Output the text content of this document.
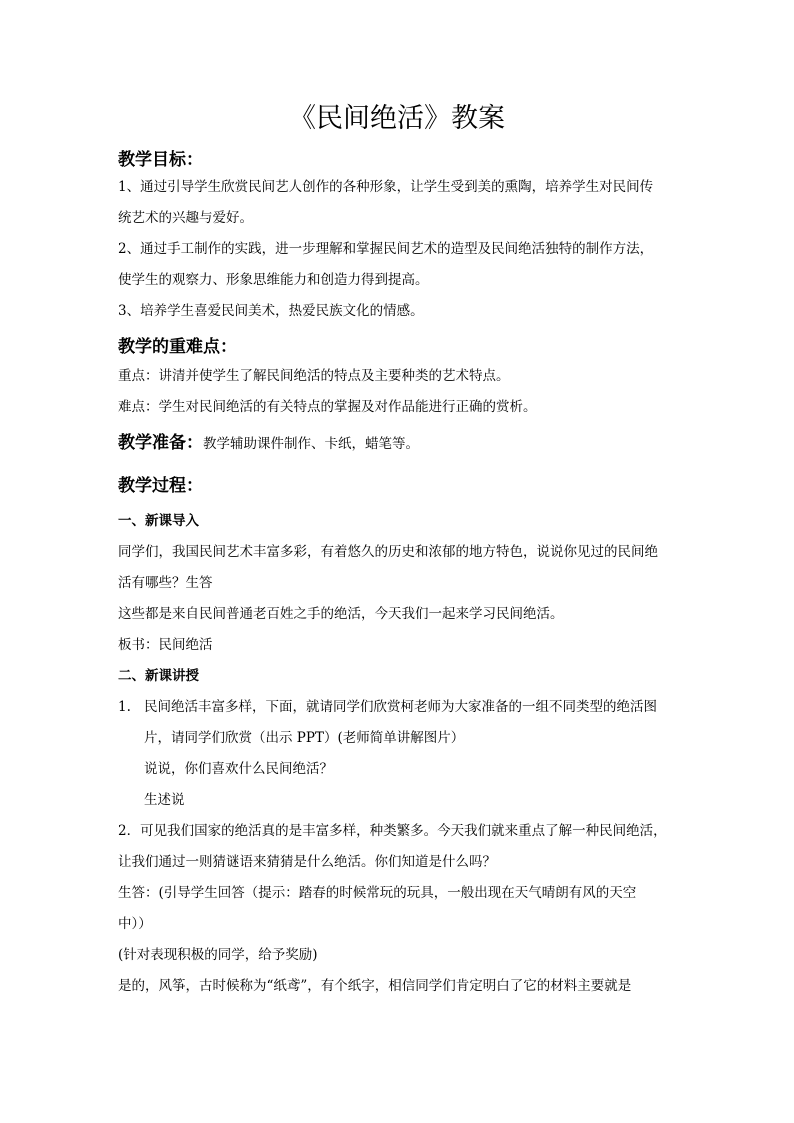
《民间绝活》教案

教学目标：

1、通过引导学生欣赏民间艺人创作的各种形象，让学生受到美的熏陶，培养学生对民间传

统艺术的兴趣与爱好。

2、通过手工制作的实践，进一步理解和掌握民间艺术的造型及民间绝活独特的制作方法，

使学生的观察力、形象思维能力和创造力得到提高。

3、培养学生喜爱民间美术，热爱民族文化的情感。

教学的重难点：

重点：讲清并使学生了解民间绝活的特点及主要种类的艺术特点。

难点：学生对民间绝活的有关特点的掌握及对作品能进行正确的赏析。

教学准备：教学辅助课件制作、卡纸，蜡笔等。

教学过程：

一、新课导入

同学们，我国民间艺术丰富多彩，有着悠久的历史和浓郁的地方特色，说说你见过的民间绝

活有哪些？生答

这些都是来自民间普通老百姓之手的绝活，今天我们一起来学习民间绝活。

板书：民间绝活

二、新课讲授

1. 民间绝活丰富多样，下面，就请同学们欣赏柯老师为大家准备的一组不同类型的绝活图

片，请同学们欣赏（出示 PPT）(老师简单讲解图片）

说说，你们喜欢什么民间绝活？

生述说

2．可见我们国家的绝活真的是丰富多样，种类繁多。今天我们就来重点了解一种民间绝活，

让我们通过一则猜谜语来猜猜是什么绝活。你们知道是什么吗？

生答：(引导学生回答（提示：踏春的时候常玩的玩具，一般出现在天气晴朗有风的天空

中））

(针对表现积极的同学，给予奖励)

是的，风筝，古时候称为“纸鸢”，有个纸字，相信同学们肯定明白了它的材料主要就是
